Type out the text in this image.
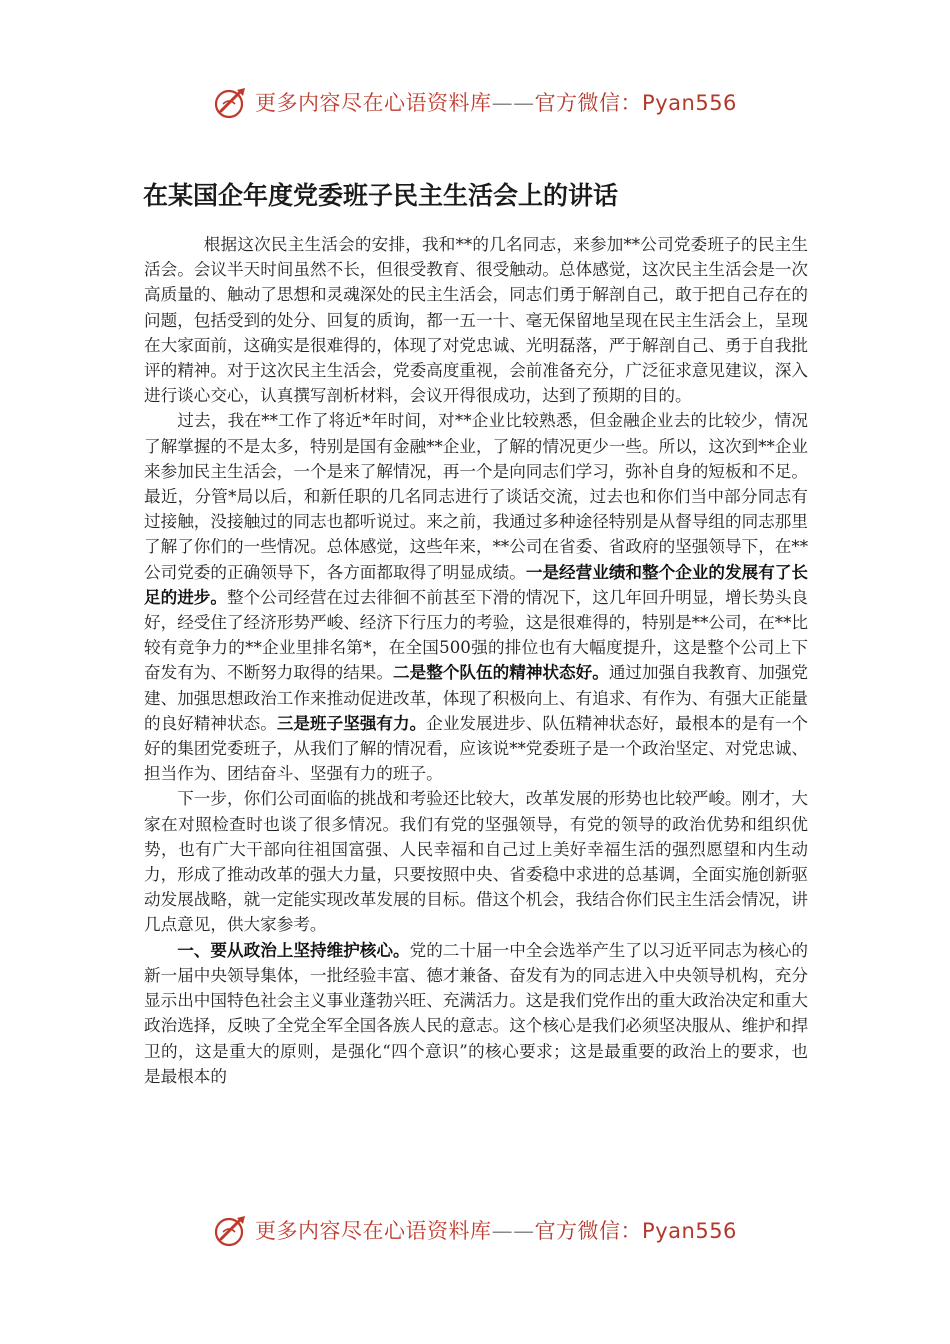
更多内容尽在心语资料库——官方微信：Pyan556
在某国企年度党委班子民主生活会上的讲话

根据这次民主生活会的安排，我和**的几名同志，来参加**公司党委班子的民主生活会。会议半天时间虽然不长，但很受教育、很受触动。总体感觉，这次民主生活会是一次高质量的、触动了思想和灵魂深处的民主生活会，同志们勇于解剖自己，敢于把自己存在的问题，包括受到的处分、回复的质询，都一五一十、毫无保留地呈现在民主生活会上，呈现在大家面前，这确实是很难得的，体现了对党忠诚、光明磊落，严于解剖自己、勇于自我批评的精神。对于这次民主生活会，党委高度重视，会前准备充分，广泛征求意见建议，深入进行谈心交心，认真撰写剖析材料，会议开得很成功，达到了预期的目的。

过去，我在**工作了将近*年时间，对**企业比较熟悉，但金融企业去的比较少，情况了解掌握的不是太多，特别是国有金融**企业，了解的情况更少一些。所以，这次到**企业来参加民主生活会，一个是来了解情况，再一个是向同志们学习，弥补自身的短板和不足。最近，分管*局以后，和新任职的几名同志进行了谈话交流，过去也和你们当中部分同志有过接触，没接触过的同志也都听说过。来之前，我通过多种途径特别是从督导组的同志那里了解了你们的一些情况。总体感觉，这些年来，**公司在省委、省政府的坚强领导下，在**公司党委的正确领导下，各方面都取得了明显成绩。一是经营业绩和整个企业的发展有了长足的进步。整个公司经营在过去徘徊不前甚至下滑的情况下，这几年回升明显，增长势头良好，经受住了经济形势严峻、经济下行压力的考验，这是很难得的，特别是**公司，在**比较有竞争力的**企业里排名第*，在全国500强的排位也有大幅度提升，这是整个公司上下奋发有为、不断努力取得的结果。二是整个队伍的精神状态好。通过加强自我教育、加强党建、加强思想政治工作来推动促进改革，体现了积极向上、有追求、有作为、有强大正能量的良好精神状态。三是班子坚强有力。企业发展进步、队伍精神状态好，最根本的是有一个好的集团党委班子，从我们了解的情况看，应该说**党委班子是一个政治坚定、对党忠诚、担当作为、团结奋斗、坚强有力的班子。

下一步，你们公司面临的挑战和考验还比较大，改革发展的形势也比较严峻。刚才，大家在对照检查时也谈了很多情况。我们有党的坚强领导，有党的领导的政治优势和组织优势，也有广大干部向往祖国富强、人民幸福和自己过上美好幸福生活的强烈愿望和内生动力，形成了推动改革的强大力量，只要按照中央、省委稳中求进的总基调，全面实施创新驱动发展战略，就一定能实现改革发展的目标。借这个机会，我结合你们民主生活会情况，讲几点意见，供大家参考。

一、要从政治上坚持维护核心。党的二十届一中全会选举产生了以习近平同志为核心的新一届中央领导集体，一批经验丰富、德才兼备、奋发有为的同志进入中央领导机构，充分显示出中国特色社会主义事业蓬勃兴旺、充满活力。这是我们党作出的重大政治决定和重大政治选择，反映了全党全军全国各族人民的意志。这个核心是我们必须坚决服从、维护和捍卫的，这是重大的原则，是强化“四个意识”的核心要求；这是最重要的政治上的要求，也是最根本的

更多内容尽在心语资料库——官方微信：Pyan556
